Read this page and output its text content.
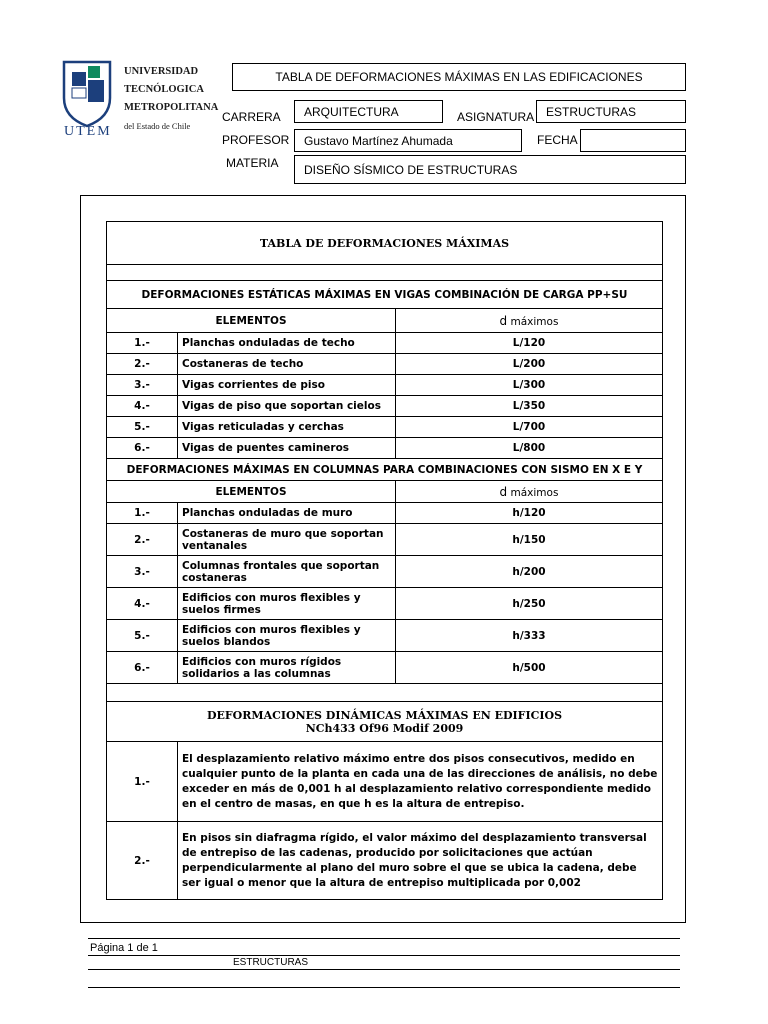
UNIVERSIDAD
TECNÓLOGICA
METROPOLITANA
del Estado de Chile
UTEM
TABLA DE DEFORMACIONES MÁXIMAS EN LAS EDIFICACIONES
CARRERA ARQUITECTURA	ASIGNATURA ESTRUCTURAS
PROFESOR Gustavo Martínez Ahumada	FECHA
MATERIA DISEÑO SÍSMICO DE ESTRUCTURAS
TABLA DE DEFORMACIONES MÁXIMAS		

DEFORMACIONES ESTÁTICAS MÁXIMAS EN VIGAS COMBINACIÓN DE CARGA PP+SU		
ELEMENTOS		d máximos
1.-	Planchas onduladas de techo	L/120
2.-	Costaneras de techo	L/200
3.-	Vigas corrientes de piso	L/300
4.-	Vigas de piso que soportan cielos	L/350
5.-	Vigas reticuladas y cerchas	L/700
6.-	Vigas de puentes camineros	L/800
DEFORMACIONES MÁXIMAS EN COLUMNAS PARA COMBINACIONES CON SISMO EN X E Y		
ELEMENTOS		d máximos
1.-	Planchas onduladas de muro	h/120
2.-	Costaneras de muro que soportan ventanales	h/150
3.-	Columnas frontales que soportan costaneras	h/200
4.-	Edificios con muros flexibles y suelos firmes	h/250
5.-	Edificios con muros flexibles y suelos blandos	h/333
6.-	Edificios con muros rígidos solidarios a las columnas	h/500

DEFORMACIONES DINÁMICAS MÁXIMAS EN EDIFICIOS
NCh433 Of96 Modif 2009		

1.-	El desplazamiento relativo máximo entre dos pisos consecutivos, medido en cualquier punto de la planta en cada una de las direcciones de análisis, no debe exceder en más de 0,001 h al desplazamiento relativo correspondiente medido en el centro de masas, en que h es la altura de entrepiso.	
2.-	En pisos sin diafragma rígido, el valor máximo del desplazamiento transversal de entrepiso de las cadenas, producido por solicitaciones que actúan perpendicularmente al plano del muro sobre el que se ubica la cadena, debe ser igual o menor que la altura de entrepiso multiplicada por 0,002	
Página 1 de 1
ESTRUCTURAS
